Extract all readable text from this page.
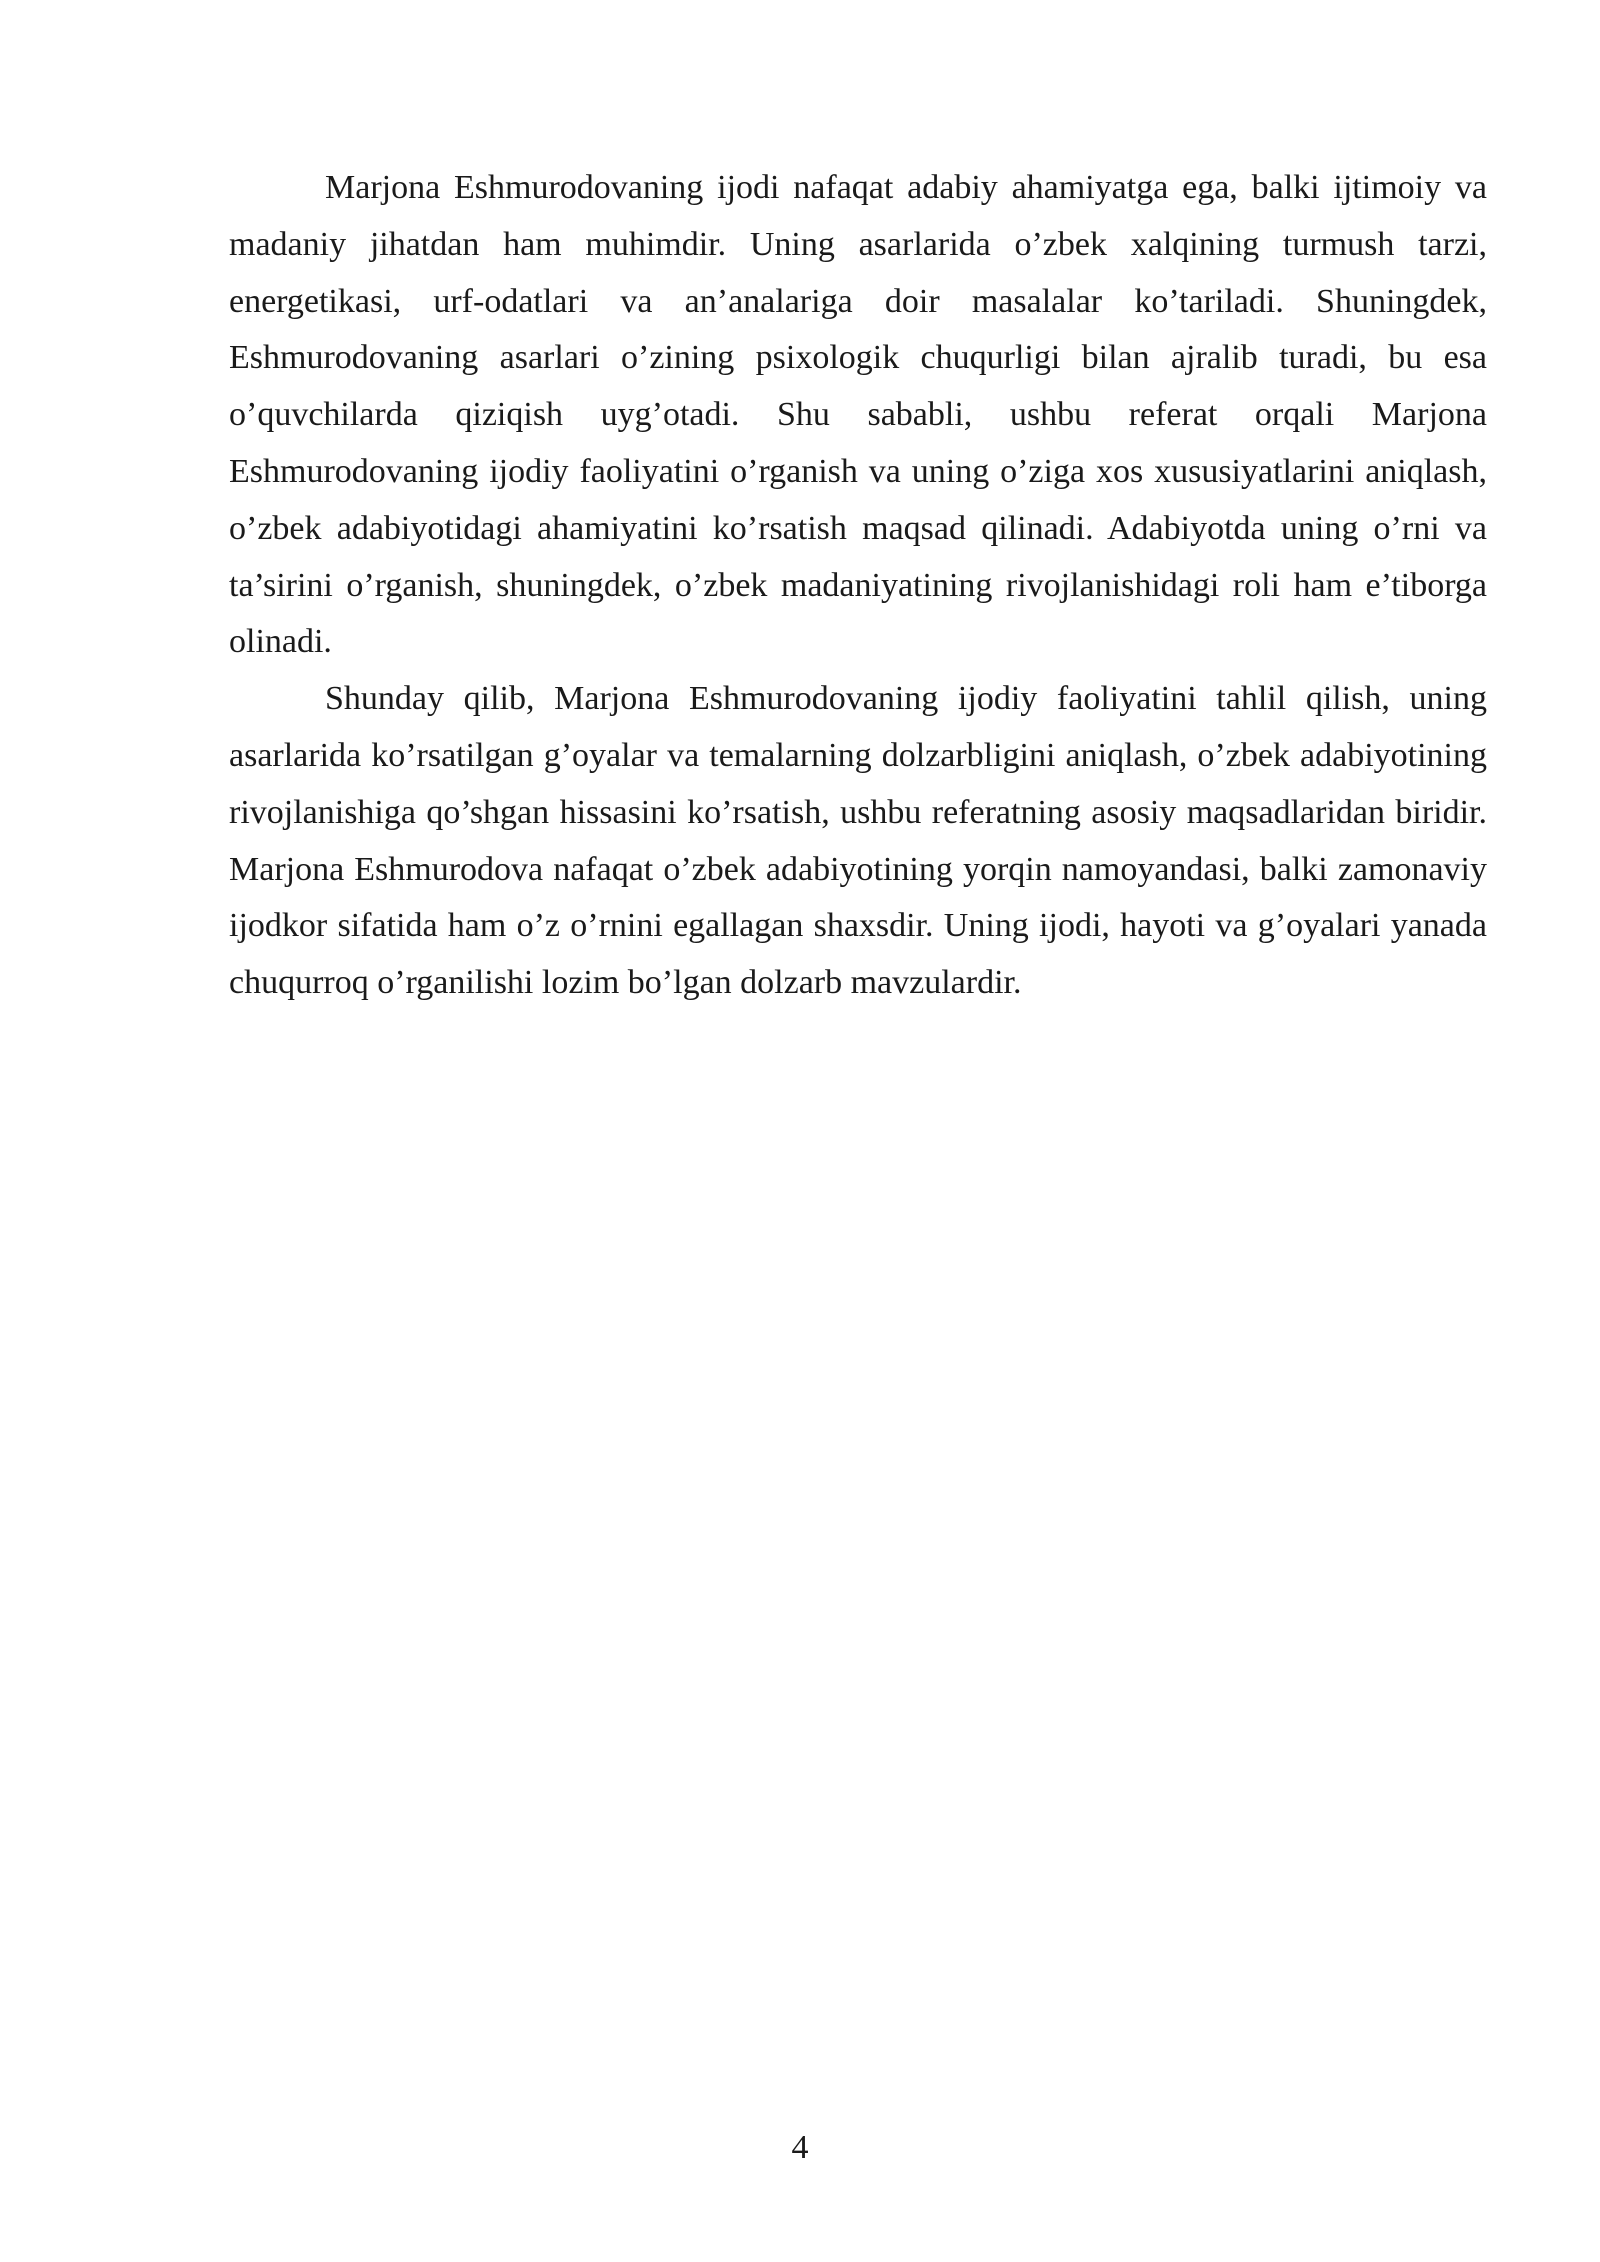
Marjona Eshmurodovaning ijodi nafaqat adabiy ahamiyatga ega, balki ijtimoiy va madaniy jihatdan ham muhimdir. Uning asarlarida o’zbek xalqining turmush tarzi, energetikasi, urf-odatlari va an’analariga doir masalalar ko’tariladi. Shuningdek, Eshmurodovaning asarlari o’zining psixologik chuqurligi bilan ajralib turadi, bu esa o’quvchilarda qiziqish uyg’otadi. Shu sababli, ushbu referat orqali Marjona Eshmurodovaning ijodiy faoliyatini o’rganish va uning o’ziga xos xususiyatlarini aniqlash, o’zbek adabiyotidagi ahamiyatini ko’rsatish maqsad qilinadi. Adabiyotda uning o’rni va ta’sirini o’rganish, shuningdek, o’zbek madaniyatining rivojlanishidagi roli ham e’tiborga olinadi.

Shunday qilib, Marjona Eshmurodovaning ijodiy faoliyatini tahlil qilish, uning asarlarida ko’rsatilgan g’oyalar va temalarning dolzarbligini aniqlash, o’zbek adabiyotining rivojlanishiga qo’shgan hissasini ko’rsatish, ushbu referatning asosiy maqsadlaridan biridir. Marjona Eshmurodova nafaqat o’zbek adabiyotining yorqin namoyandasi, balki zamonaviy ijodkor sifatida ham o’z o’rnini egallagan shaxsdir. Uning ijodi, hayoti va g’oyalari yanada chuqurroq o’rganilishi lozim bo’lgan dolzarb mavzulardir.

4
